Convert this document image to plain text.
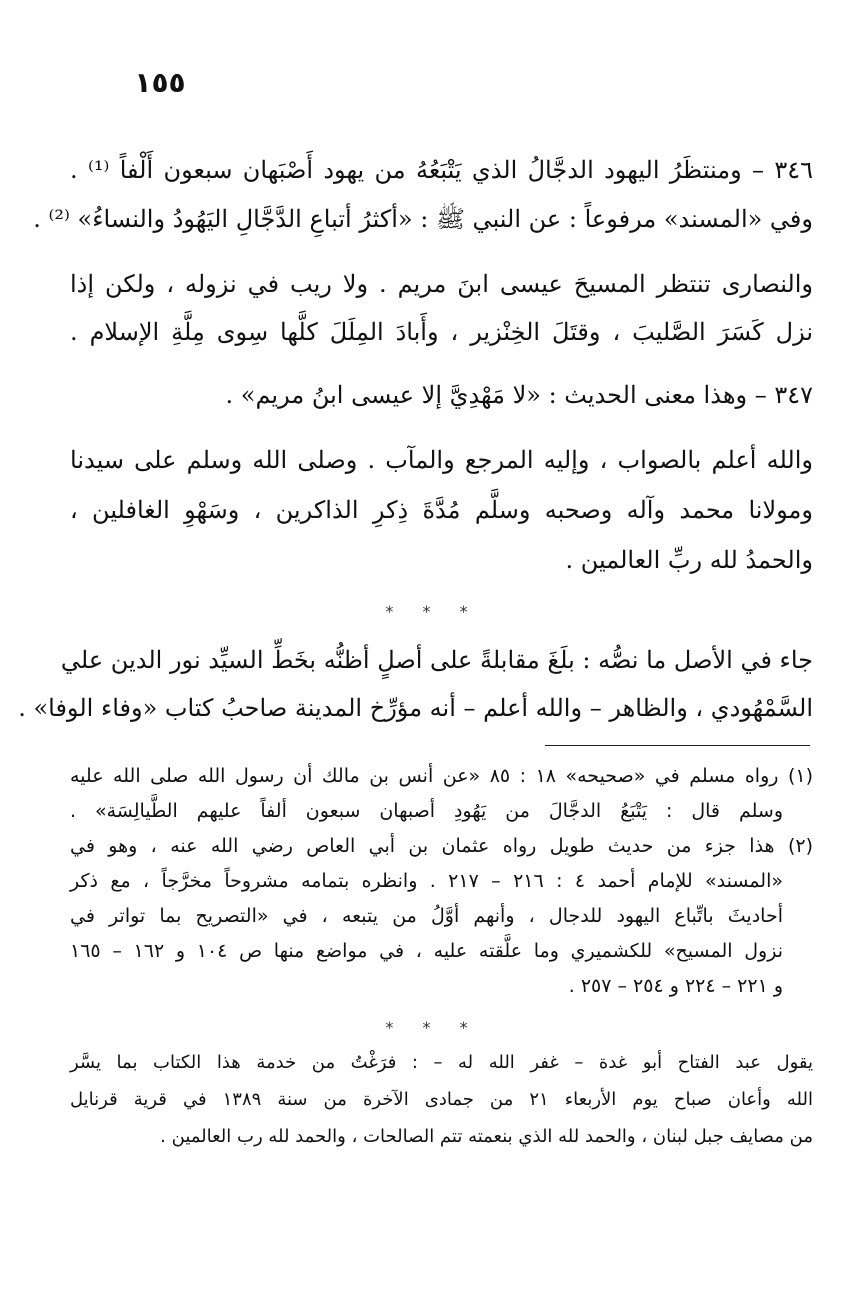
١٥٥
٣٤٦ – ومنتظَرُ اليهود الدجَّالُ الذي يَتْبَعُهُ من يهود أَصْبَهان سبعون أَلْفاً ⁽¹⁾ .
وفي «المسند» مرفوعاً : عن النبي ﷺ : «أكثرُ أتباعِ الدَّجَّالِ اليَهُودُ والنساءُ» ⁽²⁾ .
والنصارى تنتظر المسيحَ عيسى ابنَ مريم . ولا ريب في نزوله ، ولكن إذا
نزل كَسَرَ الصَّليبَ ، وقتَلَ الخِنْزير ، وأَبادَ المِلَلَ كلَّها سِوى مِلَّةِ الإسلام .
٣٤٧ – وهذا معنى الحديث : «لا مَهْدِيَّ إلا عيسى ابنُ مريم» .
والله أعلم بالصواب ، وإليه المرجع والمآب . وصلى الله وسلم على سيدنا
ومولانا محمد وآله وصحبه وسلَّم مُدَّةَ ذِكرِ الذاكرين ، وسَهْوِ الغافلين ،
والحمدُ لله ربِّ العالمين .
* * *
جاء في الأصل ما نصُّه : بلَغَ مقابلةً على أصلٍ أظنُّه بخَطِّ السيِّد نور الدين علي
السَّمْهُودي ، والظاهر – والله أعلم – أنه مؤرِّخ المدينة صاحبُ كتاب «وفاء الوفا» .
(١) رواه مسلم في «صحيحه» ١٨ : ٨٥ «عن أنس بن مالك أن رسول الله صلى الله عليه
وسلم قال : يَتْبَعُ الدجَّالَ من يَهُودِ أصبهان سبعون ألفاً عليهم الطَّيالِسَة» .
(٢) هذا جزء من حديث طويل رواه عثمان بن أبي العاص رضي الله عنه ، وهو في
«المسند» للإمام أحمد ٤ : ٢١٦ – ٢١٧ . وانظره بتمامه مشروحاً مخرَّجاً ، مع ذكر
أحاديثَ باتِّباع اليهود للدجال ، وأنهم أوَّلُ من يتبعه ، في «التصريح بما تواتر في
نزول المسيح» للكشميري وما علَّقته عليه ، في مواضع منها ص ١٠٤ و ١٦٢ – ١٦٥
و ٢٢١ – ٢٢٤ و ٢٥٤ – ٢٥٧ .
* * *
يقول عبد الفتاح أبو غدة – غفر الله له – : فرَغْتُ من خدمة هذا الكتاب بما يسَّر
الله وأعان صباح يوم الأربعاء ٢١ من جمادى الآخرة من سنة ١٣٨٩ في قرية قرنايل
من مصايف جبل لبنان ، والحمد لله الذي بنعمته تتم الصالحات ، والحمد لله رب العالمين .
